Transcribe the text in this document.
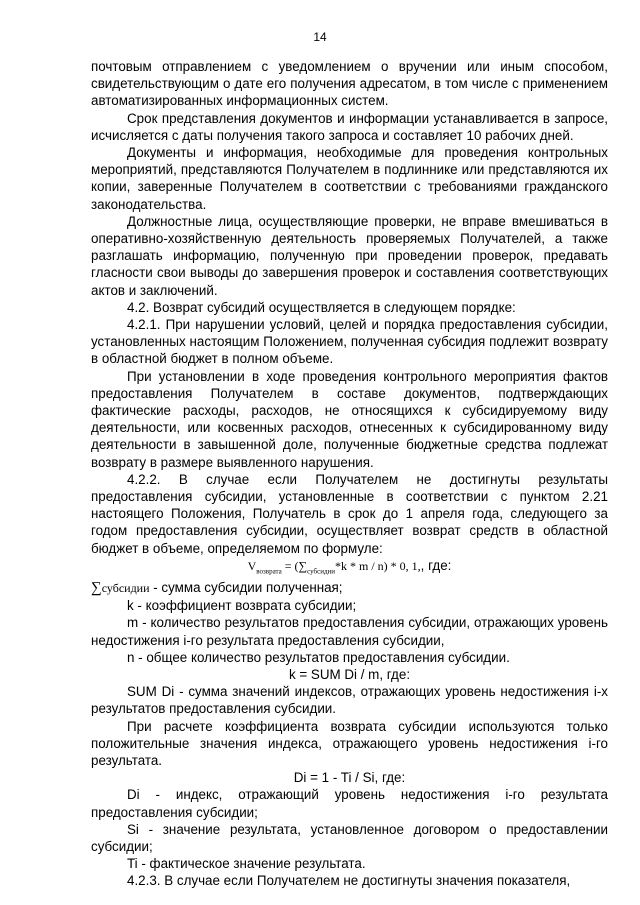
14

почтовым отправлением с уведомлением о вручении или иным способом, свидетельствующим о дате его получения адресатом, в том числе с применением автоматизированных информационных систем.

Срок представления документов и информации устанавливается в запросе, исчисляется с даты получения такого запроса и составляет 10 рабочих дней.

Документы и информация, необходимые для проведения контрольных мероприятий, представляются Получателем в подлиннике или представляются их копии, заверенные Получателем в соответствии с требованиями гражданского законодательства.

Должностные лица, осуществляющие проверки, не вправе вмешиваться в оперативно-хозяйственную деятельность проверяемых Получателей, а также разглашать информацию, полученную при проведении проверок, предавать гласности свои выводы до завершения проверок и составления соответствующих актов и заключений.

4.2. Возврат субсидий осуществляется в следующем порядке:

4.2.1. При нарушении условий, целей и порядка предоставления субсидии, установленных настоящим Положением, полученная субсидия подлежит возврату в областной бюджет в полном объеме.

При установлении в ходе проведения контрольного мероприятия фактов предоставления Получателем в составе документов, подтверждающих фактические расходы, расходов, не относящихся к субсидируемому виду деятельности, или косвенных расходов, отнесенных к субсидированному виду деятельности в завышенной доле, полученные бюджетные средства подлежат возврату в размере выявленного нарушения.

4.2.2. В случае если Получателем не достигнуты результаты предоставления субсидии, установленные в соответствии с пунктом 2.21 настоящего Положения, Получатель в срок до 1 апреля года, следующего за годом предоставления субсидии, осуществляет возврат средств в областной бюджет в объеме, определяемом по формуле:

$V_{возврата} = (\sum_{субсидии}*k * m / n) * 0$, 1,, где:

∑субсидии - сумма субсидии полученная;

k - коэффициент возврата субсидии;

m - количество результатов предоставления субсидии, отражающих уровень недостижения i-го результата предоставления субсидии,

n - общее количество результатов предоставления субсидии.

k = SUM Di / m, где:

SUM Di - сумма значений индексов, отражающих уровень недостижения i-х результатов предоставления субсидии.

При расчете коэффициента возврата субсидии используются только положительные значения индекса, отражающего уровень недостижения i-го результата.

Di = 1 - Ti / Si, где:

Di - индекс, отражающий уровень недостижения i-го результата предоставления субсидии;

Si - значение результата, установленное договором о предоставлении субсидии;

Ti - фактическое значение результата.

4.2.3. В случае если Получателем не достигнуты значения показателя,
